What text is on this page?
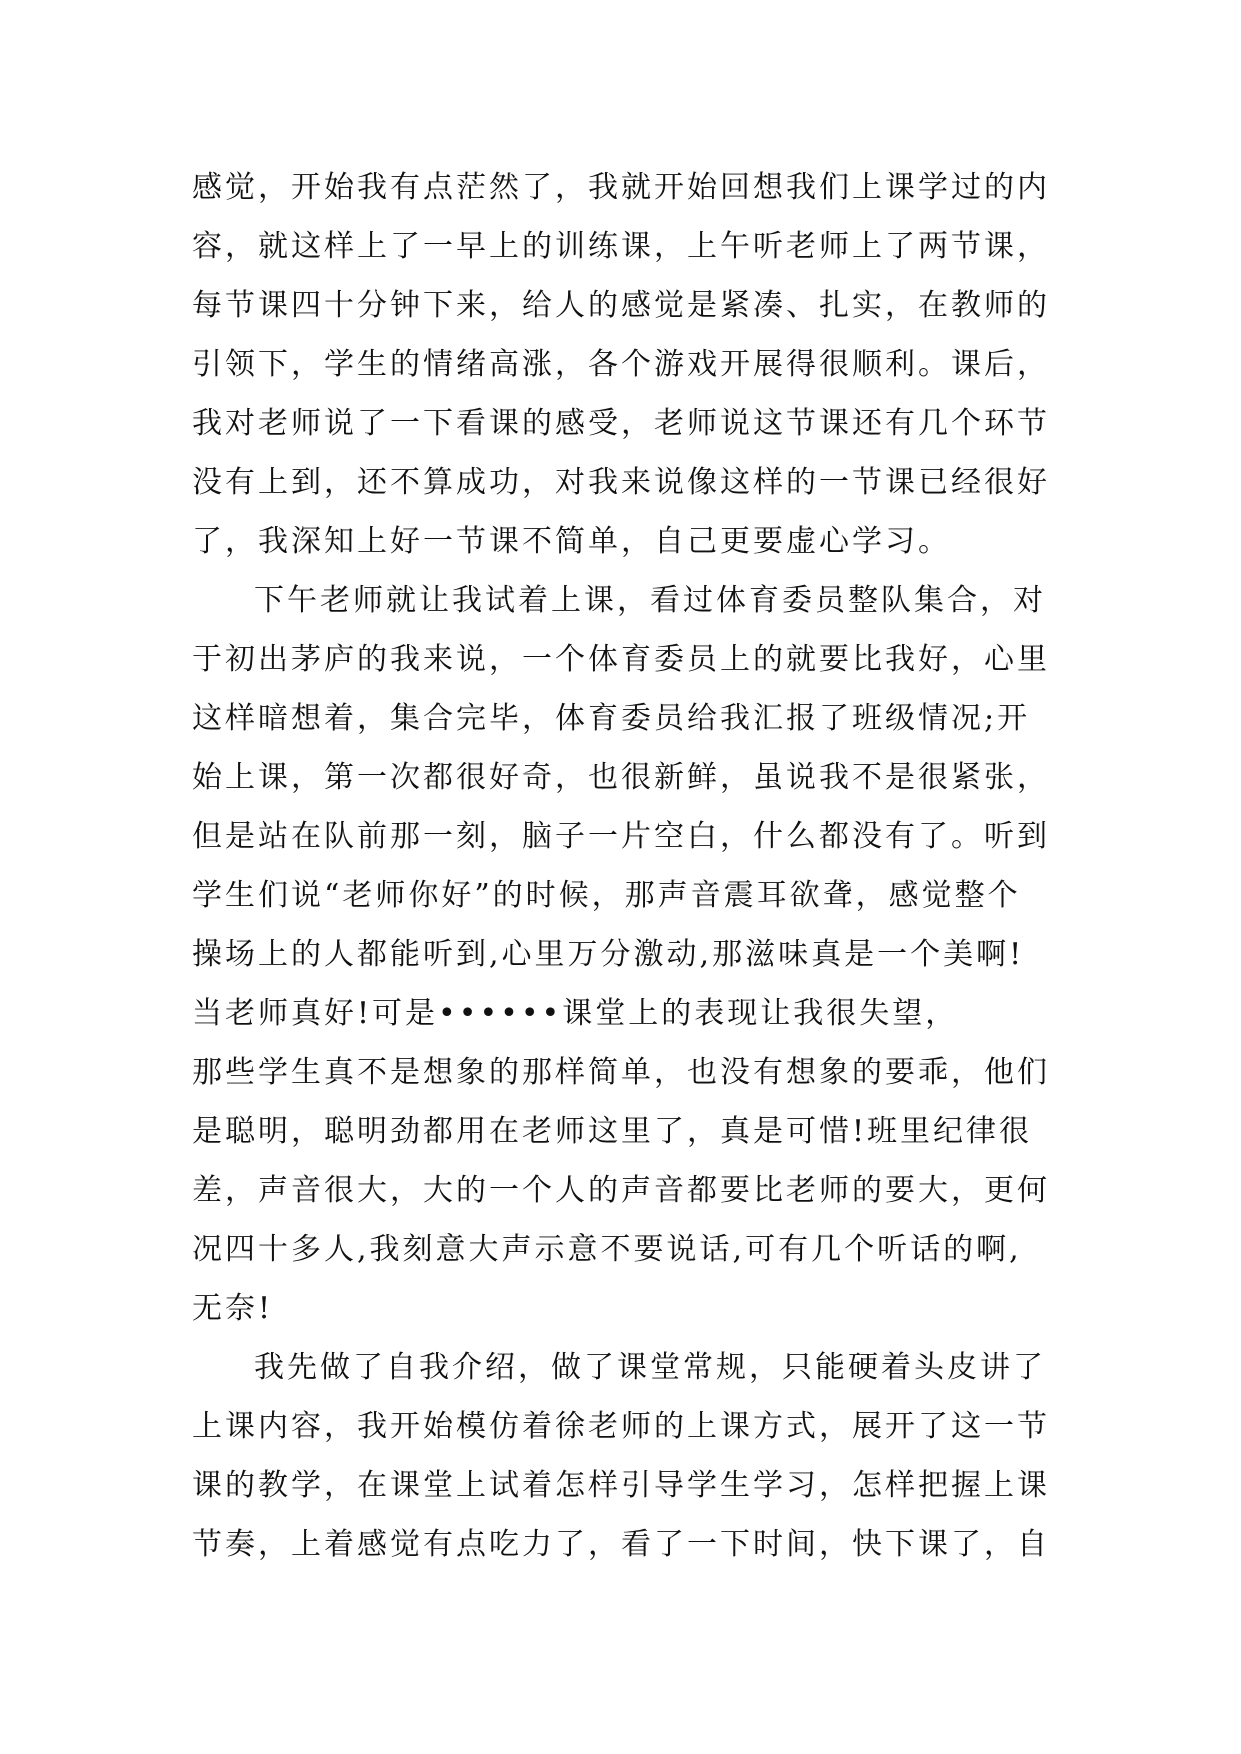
感觉，开始我有点茫然了，我就开始回想我们上课学过的内
容，就这样上了一早上的训练课，上午听老师上了两节课，
每节课四十分钟下来，给人的感觉是紧凑、扎实，在教师的
引领下，学生的情绪高涨，各个游戏开展得很顺利。课后，
我对老师说了一下看课的感受，老师说这节课还有几个环节
没有上到，还不算成功，对我来说像这样的一节课已经很好
了，我深知上好一节课不简单，自己更要虚心学习。
下午老师就让我试着上课，看过体育委员整队集合，对
于初出茅庐的我来说，一个体育委员上的就要比我好，心里
这样暗想着，集合完毕，体育委员给我汇报了班级情况;开
始上课，第一次都很好奇，也很新鲜，虽说我不是很紧张，
但是站在队前那一刻，脑子一片空白，什么都没有了。听到
学生们说“老师你好”的时候，那声音震耳欲聋，感觉整个
操场上的人都能听到,心里万分激动,那滋味真是一个美啊!
当老师真好!可是••••••课堂上的表现让我很失望，
那些学生真不是想象的那样简单，也没有想象的要乖，他们
是聪明，聪明劲都用在老师这里了，真是可惜!班里纪律很
差，声音很大，大的一个人的声音都要比老师的要大，更何
况四十多人,我刻意大声示意不要说话,可有几个听话的啊,
无奈!
我先做了自我介绍，做了课堂常规，只能硬着头皮讲了
上课内容，我开始模仿着徐老师的上课方式，展开了这一节
课的教学，在课堂上试着怎样引导学生学习，怎样把握上课
节奏，上着感觉有点吃力了，看了一下时间，快下课了，自
